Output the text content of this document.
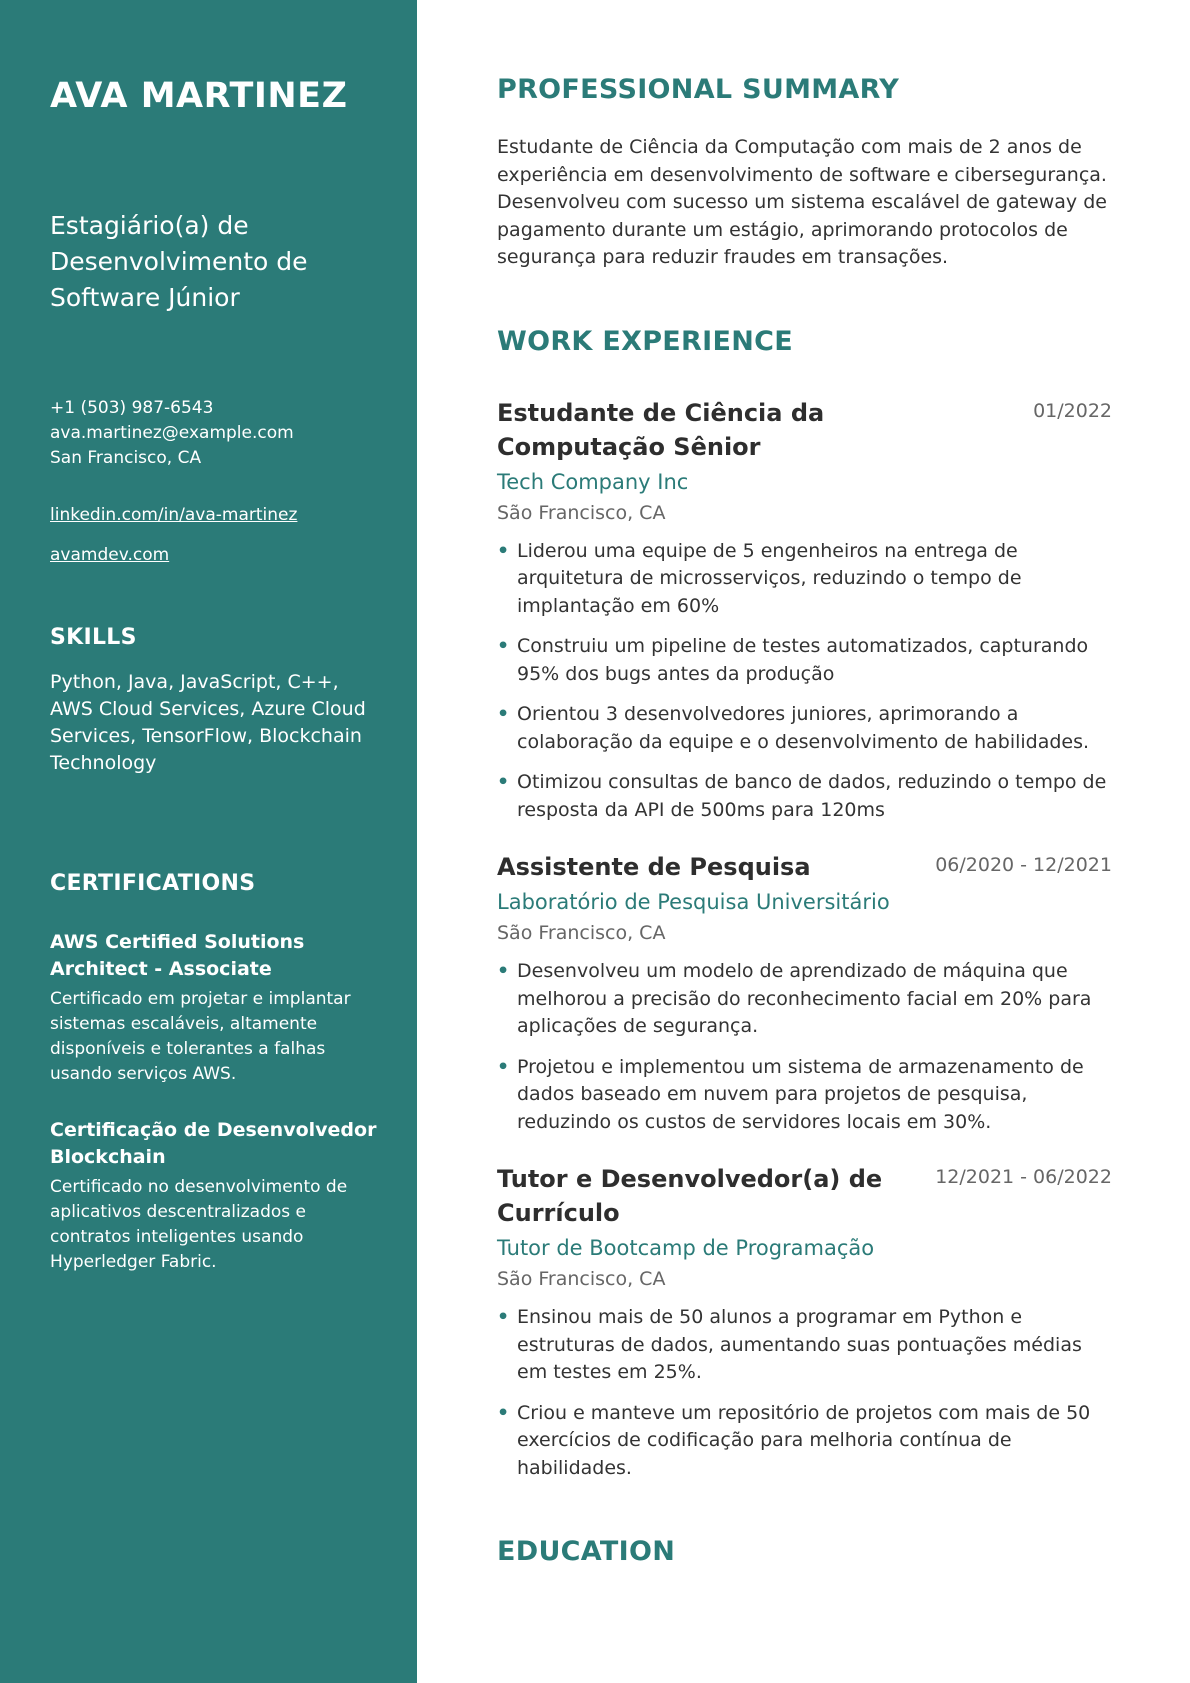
AVA MARTINEZ
Estagiário(a) de Desenvolvimento de Software Júnior
+1 (503) 987-6543
ava.martinez@example.com
San Francisco, CA
linkedin.com/in/ava-martinez
avamdev.com
SKILLS
Python, Java, JavaScript, C++, AWS Cloud Services, Azure Cloud Services, TensorFlow, Blockchain Technology
CERTIFICATIONS
AWS Certified Solutions Architect - Associate
Certificado em projetar e implantar sistemas escaláveis, altamente disponíveis e tolerantes a falhas usando serviços AWS.
Certificação de Desenvolvedor Blockchain
Certificado no desenvolvimento de aplicativos descentralizados e contratos inteligentes usando Hyperledger Fabric.
PROFESSIONAL SUMMARY
Estudante de Ciência da Computação com mais de 2 anos de experiência em desenvolvimento de software e cibersegurança. Desenvolveu com sucesso um sistema escalável de gateway de pagamento durante um estágio, aprimorando protocolos de segurança para reduzir fraudes em transações.
WORK EXPERIENCE
Estudante de Ciência da Computação Sênior
01/2022
Tech Company Inc
São Francisco, CA
• Liderou uma equipe de 5 engenheiros na entrega de arquitetura de microsserviços, reduzindo o tempo de implantação em 60%
• Construiu um pipeline de testes automatizados, capturando 95% dos bugs antes da produção
• Orientou 3 desenvolvedores juniores, aprimorando a colaboração da equipe e o desenvolvimento de habilidades.
• Otimizou consultas de banco de dados, reduzindo o tempo de resposta da API de 500ms para 120ms
Assistente de Pesquisa	06/2020 - 12/2021
Laboratório de Pesquisa Universitário
São Francisco, CA
• Desenvolveu um modelo de aprendizado de máquina que melhorou a precisão do reconhecimento facial em 20% para aplicações de segurança.
• Projetou e implementou um sistema de armazenamento de dados baseado em nuvem para projetos de pesquisa, reduzindo os custos de servidores locais em 30%.
Tutor e Desenvolvedor(a) de Currículo
12/2021 - 06/2022
Tutor de Bootcamp de Programação
São Francisco, CA
• Ensinou mais de 50 alunos a programar em Python e estruturas de dados, aumentando suas pontuações médias em testes em 25%.
• Criou e manteve um repositório de projetos com mais de 50 exercícios de codificação para melhoria contínua de habilidades.
EDUCATION
